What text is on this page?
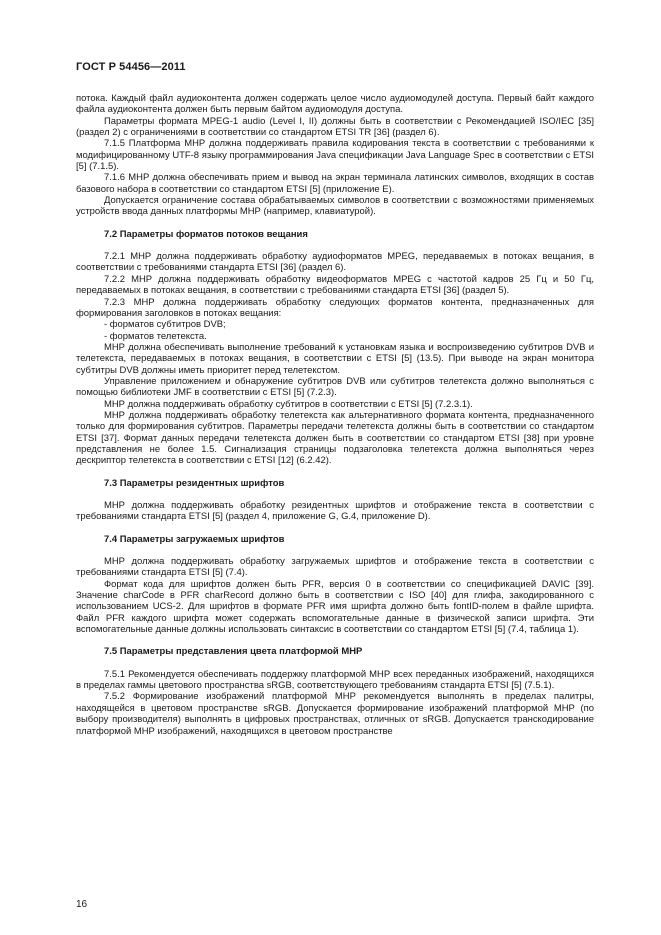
ГОСТ Р 54456—2011

потока. Каждый файл аудиоконтента должен содержать целое число аудиомодулей доступа. Первый байт каждого файла аудиоконтента должен быть первым байтом аудиомодуля доступа.

Параметры формата MPEG-1 audio (Level I, II) должны быть в соответствии с Рекомендацией ISO/IEC [35] (раздел 2) с ограничениями в соответствии со стандартом ETSI TR [36] (раздел 6).

7.1.5 Платформа МНР должна поддерживать правила кодирования текста в соответствии с требованиями к модифицированному UTF-8 языку программирования Java спецификации Java Language Spec в соответствии с ETSI [5] (7.1.5).

7.1.6 МНР должна обеспечивать прием и вывод на экран терминала латинских символов, входящих в состав базового набора в соответствии со стандартом ETSI [5] (приложение Е).

Допускается ограничение состава обрабатываемых символов в соответствии с возможностями применяемых устройств ввода данных платформы МНР (например, клавиатурой).

7.2 Параметры форматов потоков вещания

7.2.1 МНР должна поддерживать обработку аудиоформатов MPEG, передаваемых в потоках вещания, в соответствии с требованиями стандарта ETSI [36] (раздел 6).

7.2.2 МНР должна поддерживать обработку видеоформатов MPEG с частотой кадров 25 Гц и 50 Гц, передаваемых в потоках вещания, в соответствии с требованиями стандарта ETSI [36] (раздел 5).

7.2.3 МНР должна поддерживать обработку следующих форматов контента, предназначенных для формирования заголовков в потоках вещания:

- форматов субтитров DVB;

- форматов телетекста.

МНР должна обеспечивать выполнение требований к установкам языка и воспроизведению субтитров DVB и телетекста, передаваемых в потоках вещания, в соответствии с ETSI [5] (13.5). При выводе на экран монитора субтитры DVB должны иметь приоритет перед телетекстом.

Управление приложением и обнаружение субтитров DVB или субтитров телетекста должно выполняться с помощью библиотеки JMF в соответствии с ETSI [5] (7.2.3).

МНР должна поддерживать обработку субтитров в соответствии с ETSI [5] (7.2.3.1).

МНР должна поддерживать обработку телетекста как альтернативного формата контента, предназначенного только для формирования субтитров. Параметры передачи телетекста должны быть в соответствии со стандартом ETSI [37]. Формат данных передачи телетекста должен быть в соответствии со стандартом ETSI [38] при уровне представления не более 1.5. Сигнализация страницы подзаголовка телетекста должна выполняться через дескриптор телетекста в соответствии с ETSI [12] (6.2.42).

7.3 Параметры резидентных шрифтов

МНР должна поддерживать обработку резидентных шрифтов и отображение текста в соответствии с требованиями стандарта ETSI [5] (раздел 4, приложение G, G.4, приложение D).

7.4 Параметры загружаемых шрифтов

МНР должна поддерживать обработку загружаемых шрифтов и отображение текста в соответствии с требованиями стандарта ETSI [5] (7.4).

Формат кода для шрифтов должен быть PFR, версия 0 в соответствии со спецификацией DAVIC [39]. Значение charCode в PFR charRecord должно быть в соответствии с ISO [40] для глифа, закодированного с использованием UCS-2. Для шрифтов в формате PFR имя шрифта должно быть fontID-полем в файле шрифта. Файл PFR каждого шрифта может содержать вспомогательные данные в физической записи шрифта. Эти вспомогательные данные должны использовать синтаксис в соответствии со стандартом ETSI [5] (7.4, таблица 1).

7.5 Параметры представления цвета платформой МНР

7.5.1 Рекомендуется обеспечивать поддержку платформой МНР всех переданных изображений, находящихся в пределах гаммы цветового пространства sRGB, соответствующего требованиям стандарта ETSI [5] (7.5.1).

7.5.2 Формирование изображений платформой МНР рекомендуется выполнять в пределах палитры, находящейся в цветовом пространстве sRGB. Допускается формирование изображений платформой МНР (по выбору производителя) выполнять в цифровых пространствах, отличных от sRGB. Допускается транскодирование платформой МНР изображений, находящихся в цветовом пространстве

16
